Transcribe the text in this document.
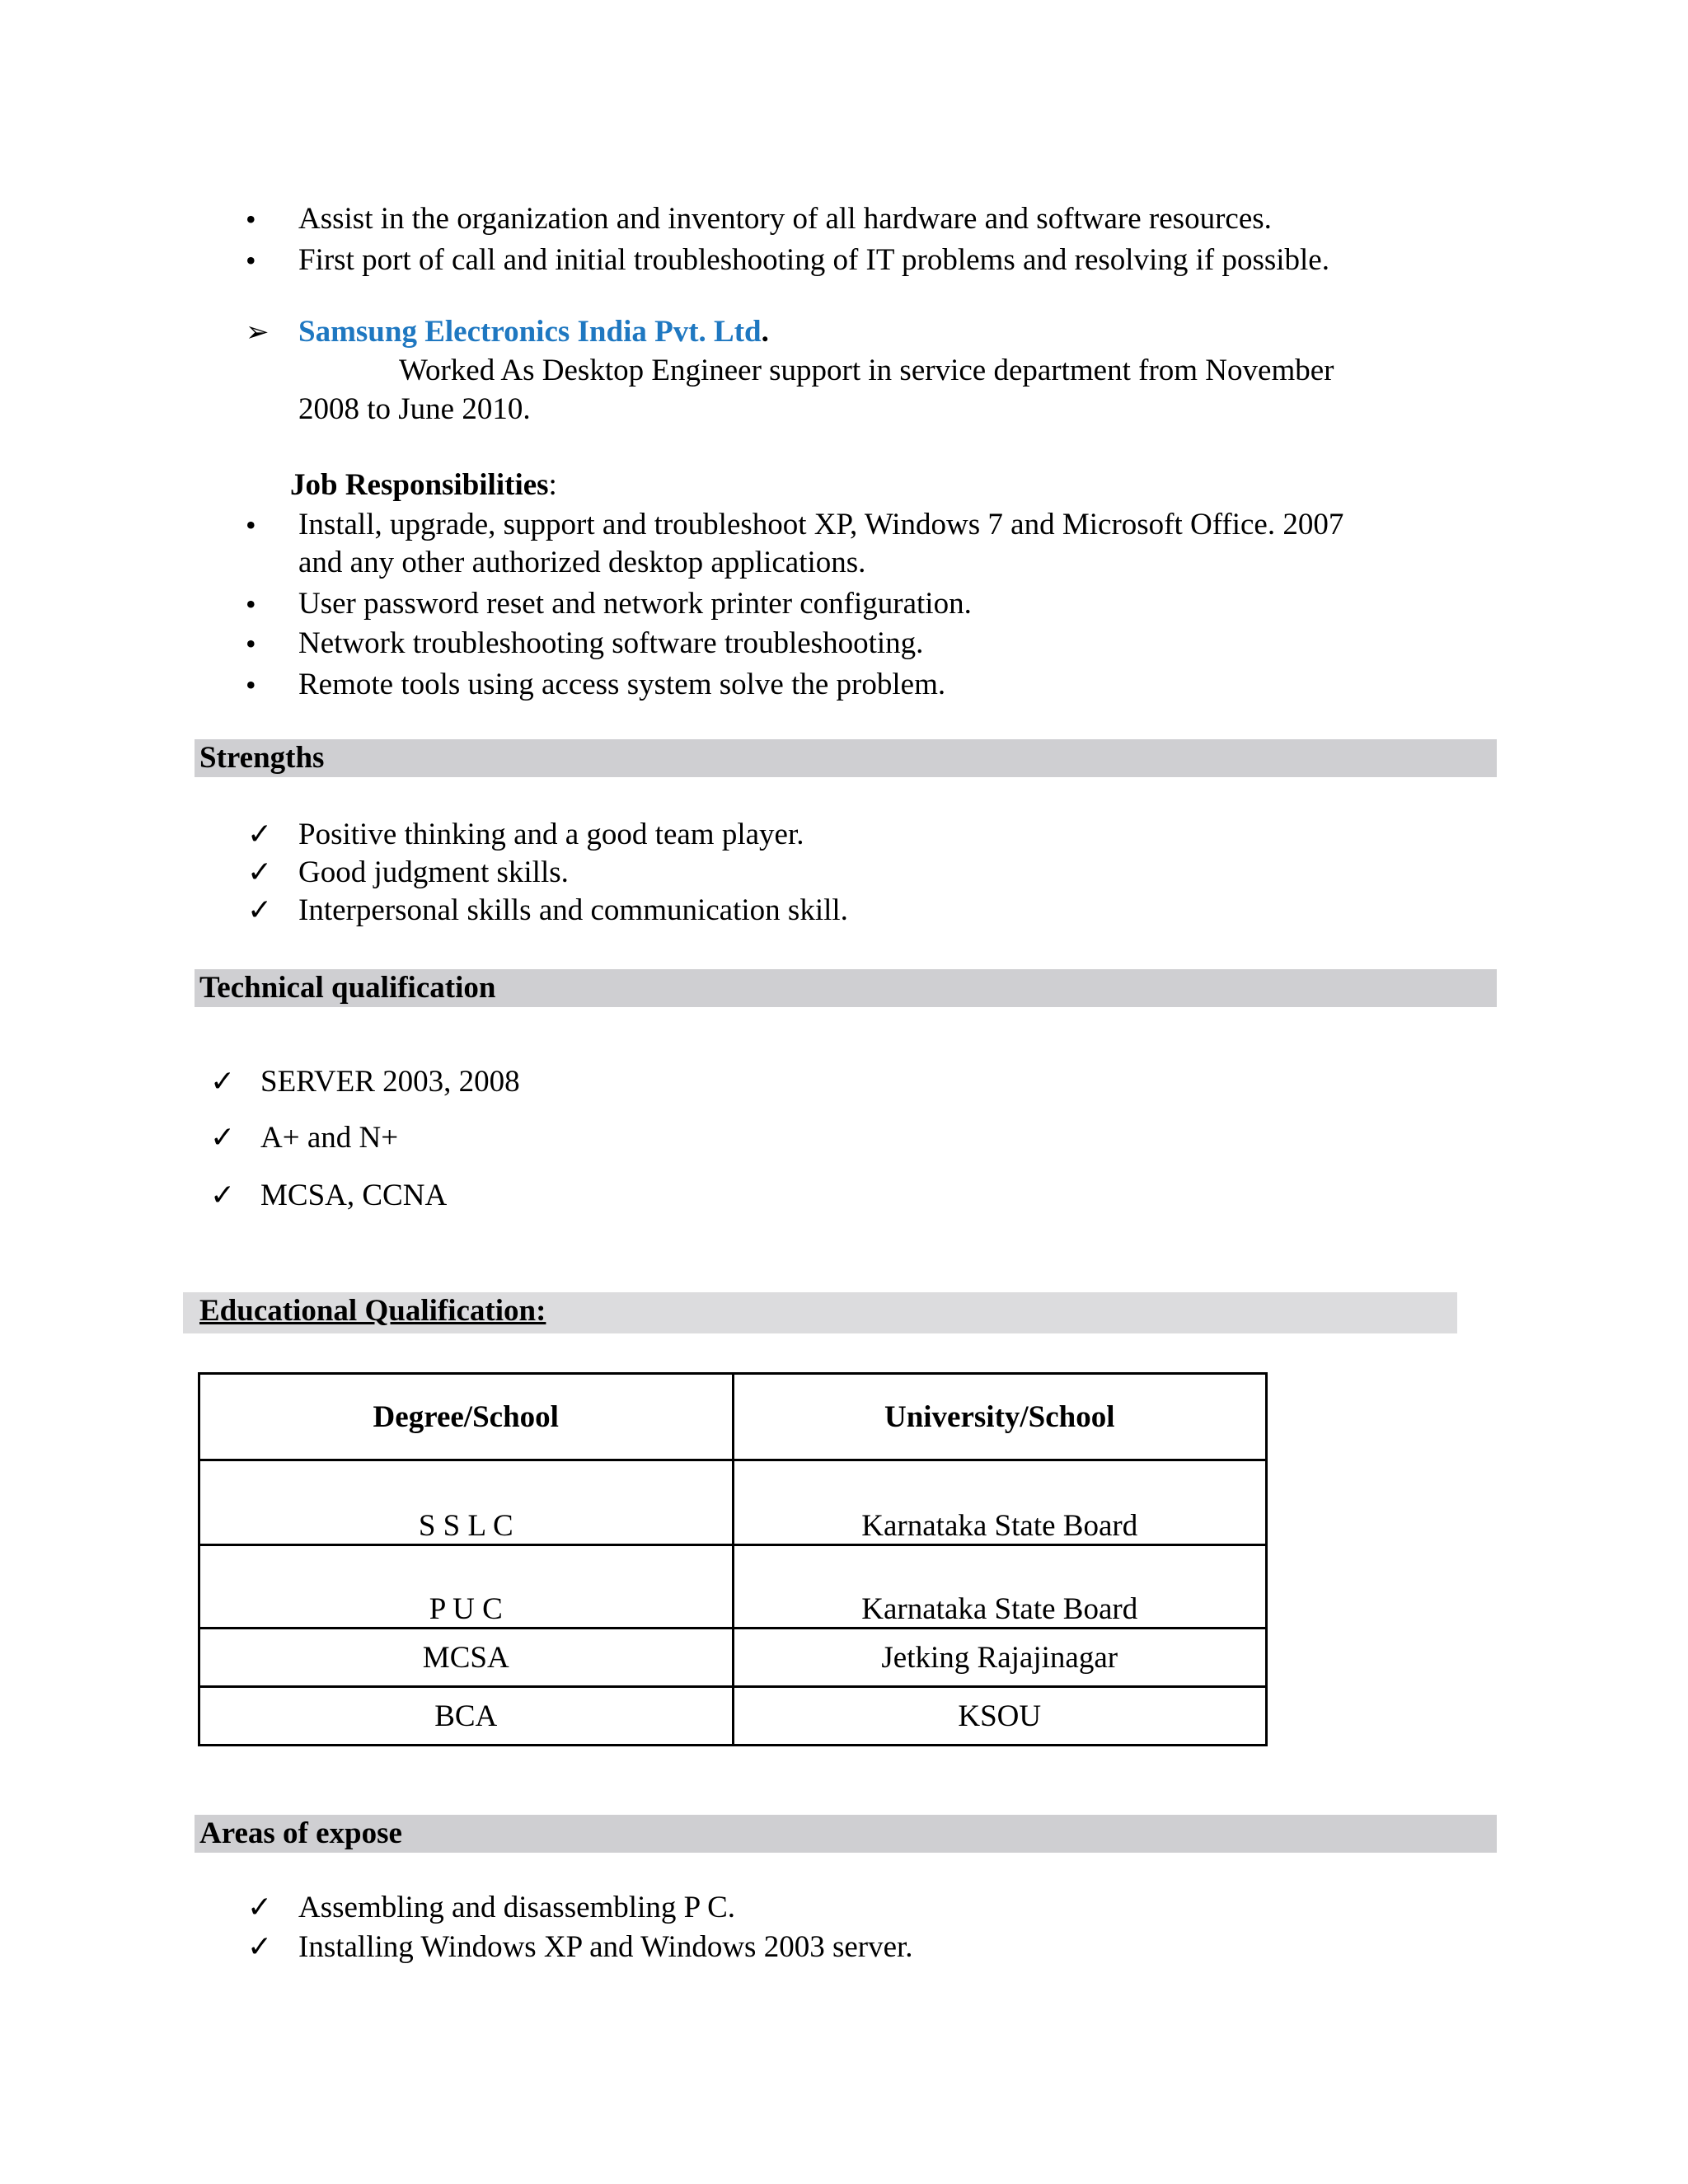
• Assist in the organization and inventory of all hardware and software resources.
• First port of call and initial troubleshooting of IT problems and resolving if possible.
➢ Samsung Electronics India Pvt. Ltd.
Worked As Desktop Engineer support in service department from November
2008 to June 2010.
Job Responsibilities:
• Install, upgrade, support and troubleshoot XP, Windows 7 and Microsoft Office. 2007
and any other authorized desktop applications.
• User password reset and network printer configuration.
• Network troubleshooting software troubleshooting.
• Remote tools using access system solve the problem.
Strengths
✓ Positive thinking and a good team player.
✓ Good judgment skills.
✓ Interpersonal skills and communication skill.
Technical qualification
✓ SERVER 2003, 2008
✓ A+ and N+
✓ MCSA, CCNA
Educational Qualification:
Degree/School	University/School
S S L C	Karnataka State Board
P U C	Karnataka State Board
MCSA	Jetking Rajajinagar
BCA	KSOU
Areas of expose
✓ Assembling and disassembling P C.
✓ Installing Windows XP and Windows 2003 server.
